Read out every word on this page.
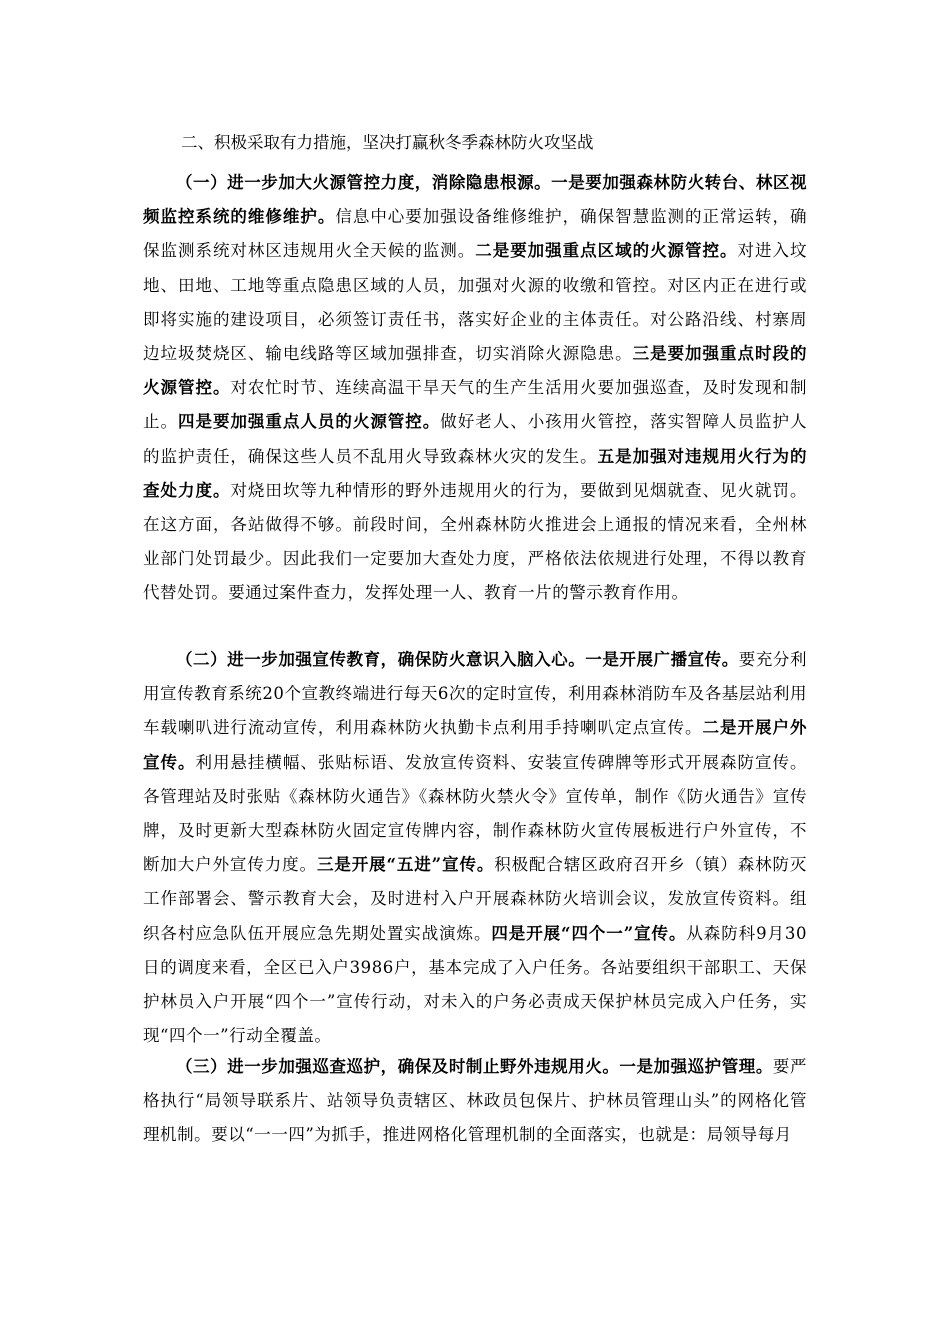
二、积极采取有力措施，坚决打赢秋冬季森林防火攻坚战

（一）进一步加大火源管控力度，消除隐患根源。一是要加强森林防火转台、林区视频监控系统的维修维护。信息中心要加强设备维修维护，确保智慧监测的正常运转，确保监测系统对林区违规用火全天候的监测。二是要加强重点区域的火源管控。对进入坟地、田地、工地等重点隐患区域的人员，加强对火源的收缴和管控。对区内正在进行或即将实施的建设项目，必须签订责任书，落实好企业的主体责任。对公路沿线、村寨周边垃圾焚烧区、输电线路等区域加强排查，切实消除火源隐患。三是要加强重点时段的火源管控。对农忙时节、连续高温干旱天气的生产生活用火要加强巡查，及时发现和制止。四是要加强重点人员的火源管控。做好老人、小孩用火管控，落实智障人员监护人的监护责任，确保这些人员不乱用火导致森林火灾的发生。五是加强对违规用火行为的查处力度。对烧田坎等九种情形的野外违规用火的行为，要做到见烟就查、见火就罚。在这方面，各站做得不够。前段时间，全州森林防火推进会上通报的情况来看，全州林业部门处罚最少。因此我们一定要加大查处力度，严格依法依规进行处理，不得以教育代替处罚。要通过案件查力，发挥处理一人、教育一片的警示教育作用。

（二）进一步加强宣传教育，确保防火意识入脑入心。一是开展广播宣传。要充分利用宣传教育系统20个宣教终端进行每天6次的定时宣传，利用森林消防车及各基层站利用车载喇叭进行流动宣传，利用森林防火执勤卡点利用手持喇叭定点宣传。二是开展户外宣传。利用悬挂横幅、张贴标语、发放宣传资料、安装宣传碑牌等形式开展森防宣传。各管理站及时张贴《森林防火通告》《森林防火禁火令》宣传单，制作《防火通告》宣传牌，及时更新大型森林防火固定宣传牌内容，制作森林防火宣传展板进行户外宣传，不断加大户外宣传力度。三是开展“五进”宣传。积极配合辖区政府召开乡（镇）森林防灭工作部署会、警示教育大会，及时进村入户开展森林防火培训会议，发放宣传资料。组织各村应急队伍开展应急先期处置实战演炼。四是开展“四个一”宣传。从森防科9月30日的调度来看，全区已入户3986户，基本完成了入户任务。各站要组织干部职工、天保护林员入户开展“四个一”宣传行动，对未入的户务必责成天保护林员完成入户任务，实现“四个一”行动全覆盖。

（三）进一步加强巡查巡护，确保及时制止野外违规用火。一是加强巡护管理。要严格执行“局领导联系片、站领导负责辖区、林政员包保片、护林员管理山头”的网格化管理机制。要以“一一四”为抓手，推进网格化管理机制的全面落实，也就是：局领导每月
